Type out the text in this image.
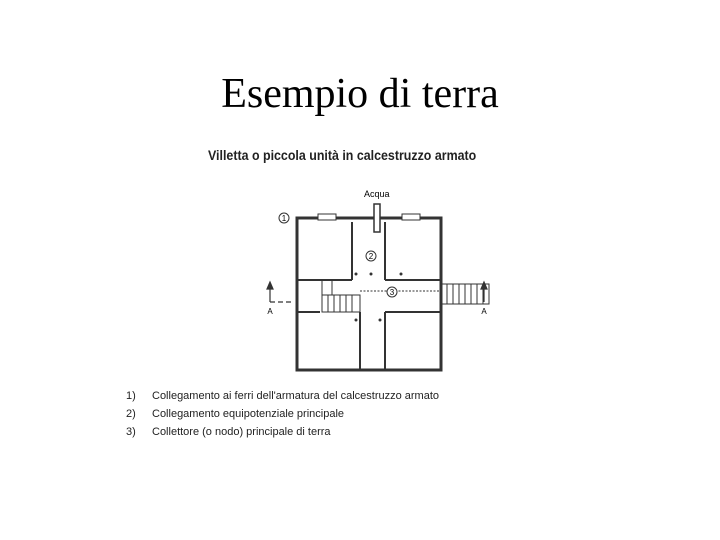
Esempio di terra
Villetta o piccola unità in calcestruzzo armato
1
2
3
Acqua
A	A
1)	Collegamento ai ferri dell'armatura del calcestruzzo armato
2)	Collegamento equipotenziale principale
3)	Collettore (o nodo) principale di terra
